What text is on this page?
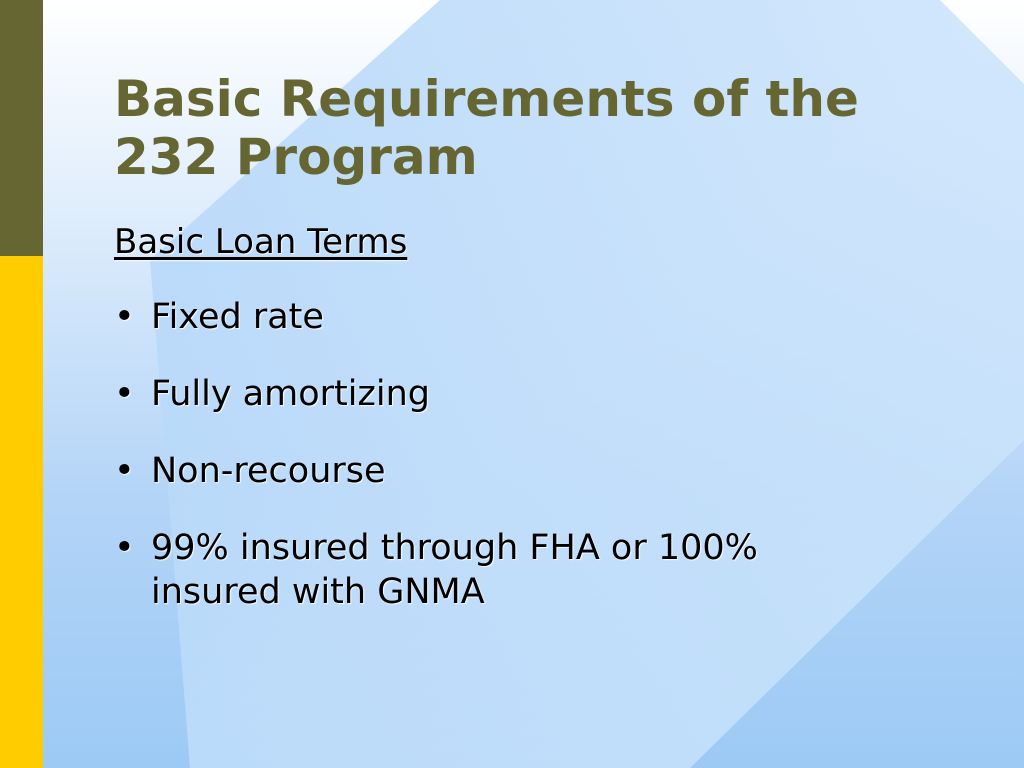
Basic Requirements of the 232 Program
Basic Loan Terms
• Fixed rate
• Fully amortizing
• Non-recourse
• 99% insured through FHA or 100% insured with GNMA
